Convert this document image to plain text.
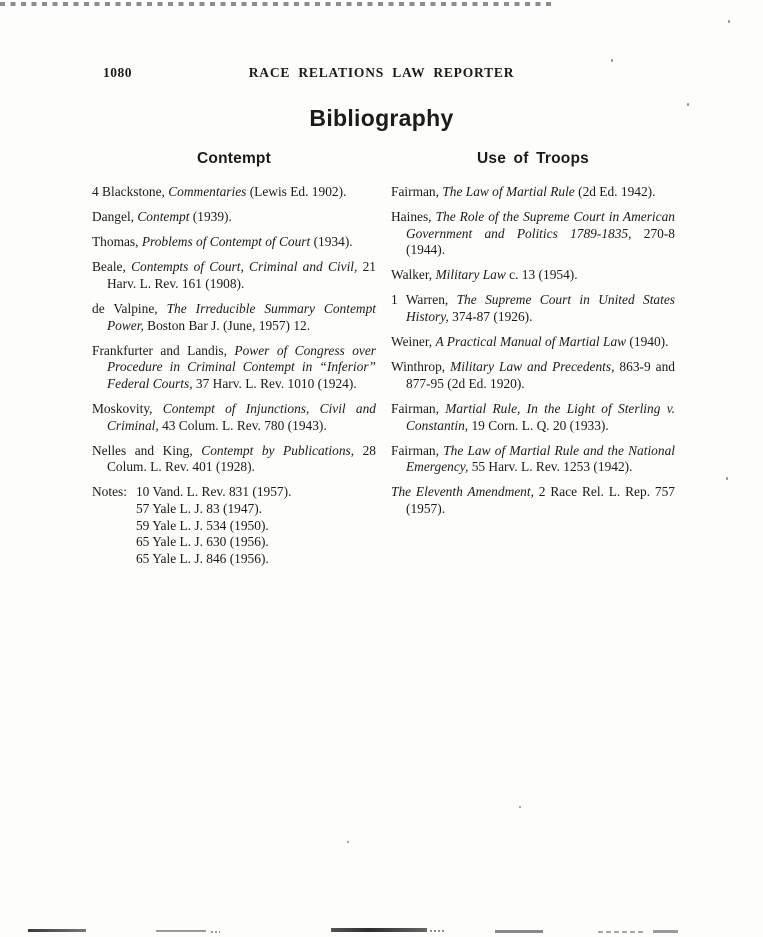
1080	RACE RELATIONS LAW REPORTER
Bibliography
Contempt

4 Blackstone, Commentaries (Lewis Ed. 1902).

Dangel, Contempt (1939).

Thomas, Problems of Contempt of Court (1934).

Beale, Contempts of Court, Criminal and Civil, 21 Harv. L. Rev. 161 (1908).

de Valpine, The Irreducible Summary Contempt Power, Boston Bar J. (June, 1957) 12.

Frankfurter and Landis, Power of Congress over Procedure in Criminal Contempt in “Inferior” Federal Courts, 37 Harv. L. Rev. 1010 (1924).

Moskovity, Contempt of Injunctions, Civil and Criminal, 43 Colum. L. Rev. 780 (1943).

Nelles and King, Contempt by Publications, 28 Colum. L. Rev. 401 (1928).

Notes: 10 Vand. L. Rev. 831 (1957).
57 Yale L. J. 83 (1947).
59 Yale L. J. 534 (1950).
65 Yale L. J. 630 (1956).
65 Yale L. J. 846 (1956).
Use of Troops

Fairman, The Law of Martial Rule (2d Ed. 1942).

Haines, The Role of the Supreme Court in American Government and Politics 1789-1835, 270-8 (1944).

Walker, Military Law c. 13 (1954).

1 Warren, The Supreme Court in United States History, 374-87 (1926).

Weiner, A Practical Manual of Martial Law (1940).

Winthrop, Military Law and Precedents, 863-9 and 877-95 (2d Ed. 1920).

Fairman, Martial Rule, In the Light of Sterling v. Constantin, 19 Corn. L. Q. 20 (1933).

Fairman, The Law of Martial Rule and the National Emergency, 55 Harv. L. Rev. 1253 (1942).

The Eleventh Amendment, 2 Race Rel. L. Rep. 757 (1957).
